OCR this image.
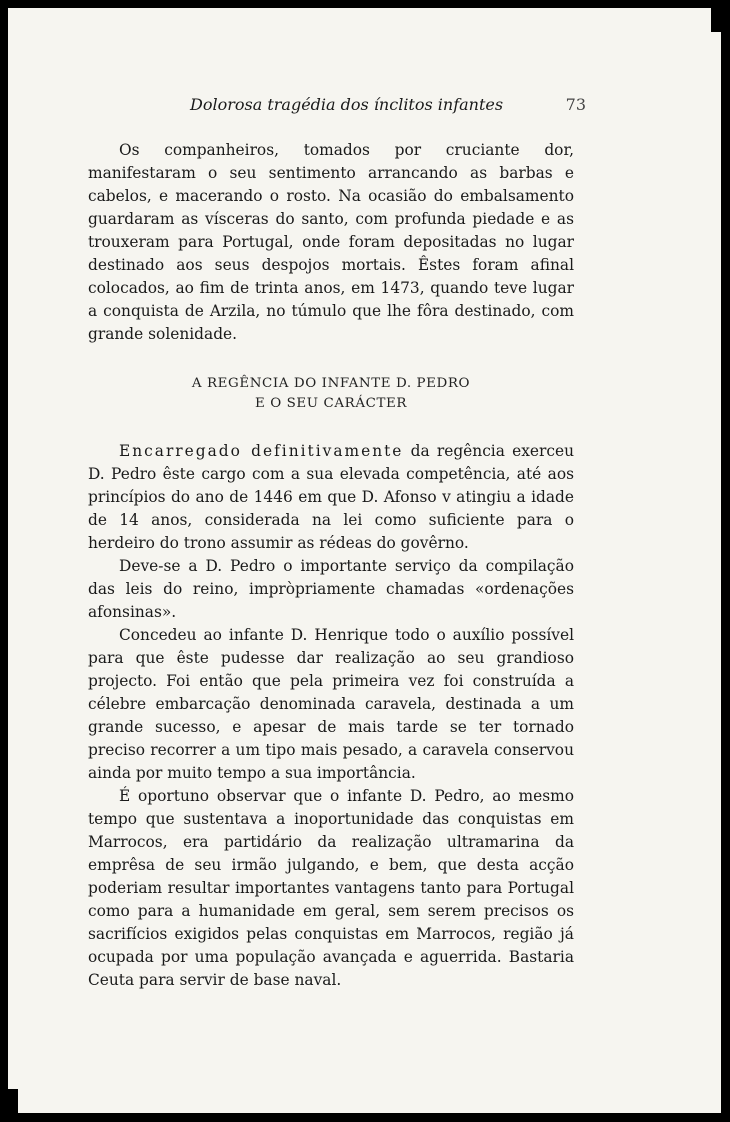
Dolorosa tragédia dos ínclitos infantes	73

Os companheiros, tomados por cruciante dor, manifestaram o seu sentimento arrancando as barbas e cabelos, e macerando o rosto. Na ocasião do embalsamento guardaram as vísceras do santo, com profunda piedade e as trouxeram para Portugal, onde foram depositadas no lugar destinado aos seus despojos mortais. Êstes foram afinal colocados, ao fim de trinta anos, em 1473, quando teve lugar a conquista de Arzila, no túmulo que lhe fôra destinado, com grande solenidade.

A REGÊNCIA DO INFANTE D. PEDRO
E O SEU CARÁCTER

Encarregado definitivamente da regência exerceu D. Pedro êste cargo com a sua elevada competência, até aos princípios do ano de 1446 em que D. Afonso v atingiu a idade de 14 anos, considerada na lei como suficiente para o herdeiro do trono assumir as rédeas do govêrno.

Deve-se a D. Pedro o importante serviço da compilação das leis do reino, impròpriamente chamadas «ordenações afonsinas».

Concedeu ao infante D. Henrique todo o auxílio possível para que êste pudesse dar realização ao seu grandioso projecto. Foi então que pela primeira vez foi construída a célebre embarcação denominada caravela, destinada a um grande sucesso, e apesar de mais tarde se ter tornado preciso recorrer a um tipo mais pesado, a caravela conservou ainda por muito tempo a sua importância.

É oportuno observar que o infante D. Pedro, ao mesmo tempo que sustentava a inoportunidade das conquistas em Marrocos, era partidário da realização ultramarina da emprêsa de seu irmão julgando, e bem, que desta acção poderiam resultar importantes vantagens tanto para Portugal como para a humanidade em geral, sem serem precisos os sacrifícios exigidos pelas conquistas em Marrocos, região já ocupada por uma população avançada e aguerrida. Bastaria Ceuta para servir de base naval.
